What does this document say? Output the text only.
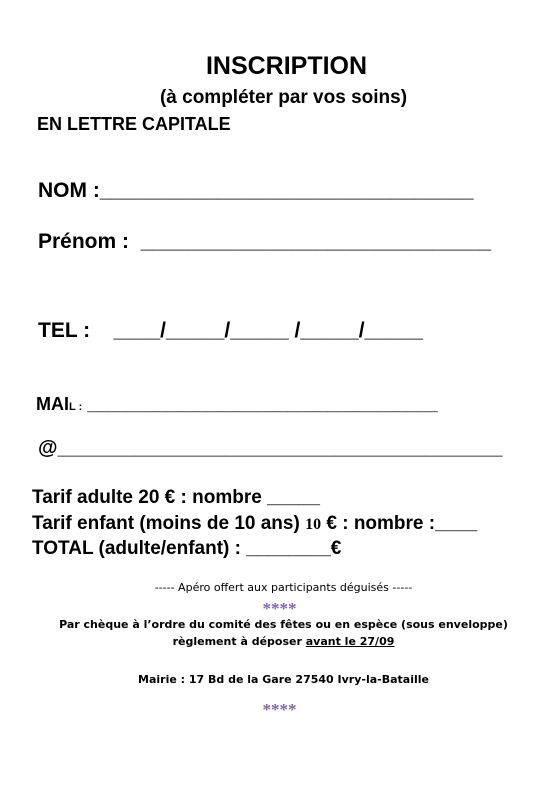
INSCRIPTION
(à compléter par vos soins)
EN LETTRE CAPITALE
NOM :________________________________
Prénom : ______________________________
TEL : ____/_____/_____ /_____/_____
MAIL : ___________________________________
@________________________________________
Tarif adulte 20 € : nombre _____
Tarif enfant (moins de 10 ans) 10 € : nombre :____
TOTAL (adulte/enfant) : ________€
----- Apéro offert aux participants déguisés -----
****
Par chèque à l’ordre du comité des fêtes ou en espèce (sous enveloppe)
règlement à déposer avant le 27/09
Mairie : 17 Bd de la Gare 27540 Ivry-la-Bataille
****
